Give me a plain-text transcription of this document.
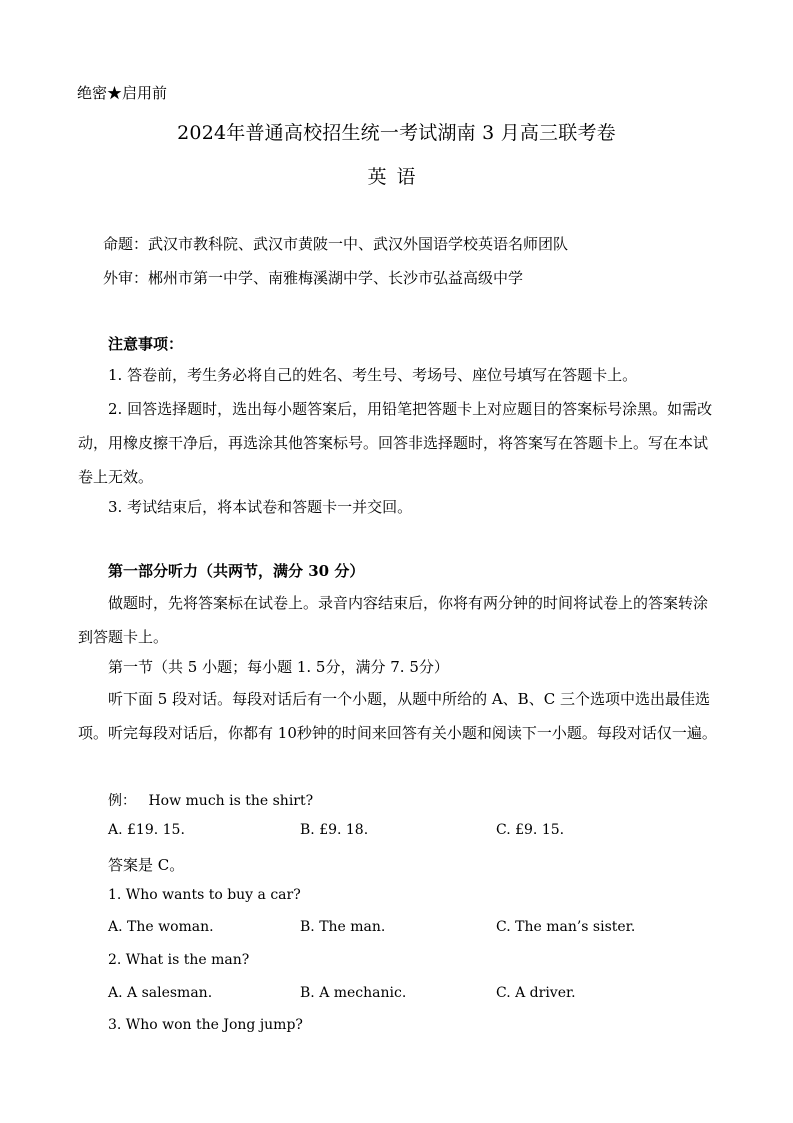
绝密★启用前
2024年普通高校招生统一考试湖南 3 月高三联考卷
英语
命题：武汉市教科院、武汉市黄陂一中、武汉外国语学校英语名师团队
外审：郴州市第一中学、南雅梅溪湖中学、长沙市弘益高级中学
注意事项：
1. 答卷前，考生务必将自己的姓名、考生号、考场号、座位号填写在答题卡上。
2. 回答选择题时，选出每小题答案后，用铅笔把答题卡上对应题目的答案标号涂黑。如需改动，用橡皮擦干净后，再选涂其他答案标号。回答非选择题时，将答案写在答题卡上。写在本试卷上无效。
3. 考试结束后，将本试卷和答题卡一并交回。
第一部分听力（共两节，满分 30 分）
做题时，先将答案标在试卷上。录音内容结束后，你将有两分钟的时间将试卷上的答案转涂到答题卡上。
第一节（共 5 小题；每小题 1. 5分，满分 7. 5分）
听下面 5 段对话。每段对话后有一个小题，从题中所给的 A、B、C 三个选项中选出最佳选项。听完每段对话后，你都有 10秒钟的时间来回答有关小题和阅读下一小题。每段对话仅一遍。
例： How much is the shirt?
A. £19. 15.	B. £9. 18.	C. £9. 15.
答案是 C。
1. Who wants to buy a car?
A. The woman.	B. The man.	C. The man’s sister.
2. What is the man?
A. A salesman.	B. A mechanic.	C. A driver.
3. Who won the Jong jump?
